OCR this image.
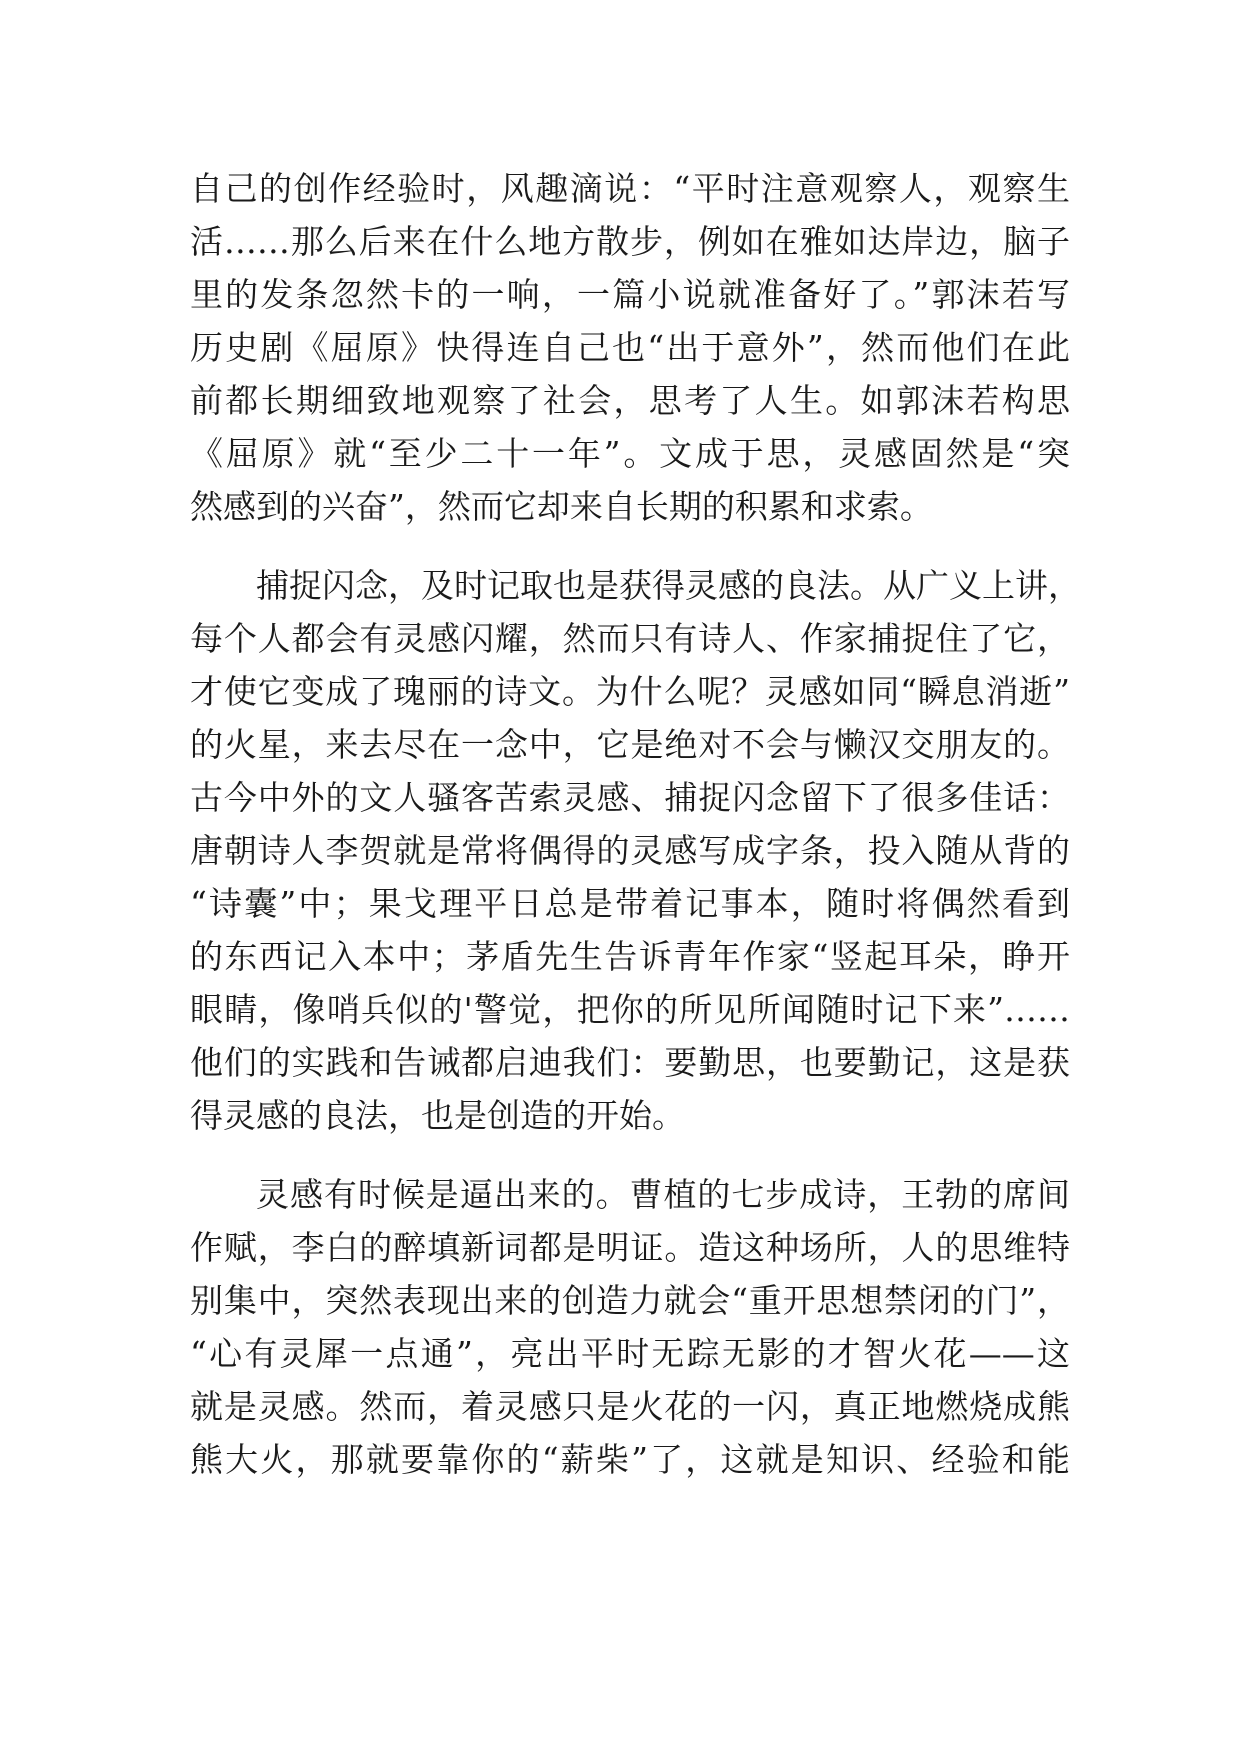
自己的创作经验时，风趣滴说：“平时注意观察人，观察生
活……那么后来在什么地方散步，例如在雅如达岸边，脑子
里的发条忽然卡的一响，一篇小说就准备好了。”郭沫若写
历史剧《屈原》快得连自己也“出于意外”，然而他们在此
前都长期细致地观察了社会，思考了人生。如郭沫若构思
《屈原》就“至少二十一年”。文成于思，灵感固然是“突
然感到的兴奋”，然而它却来自长期的积累和求索。
捕捉闪念，及时记取也是获得灵感的良法。从广义上讲，
每个人都会有灵感闪耀，然而只有诗人、作家捕捉住了它，
才使它变成了瑰丽的诗文。为什么呢？灵感如同“瞬息消逝”
的火星，来去尽在一念中，它是绝对不会与懒汉交朋友的。
古今中外的文人骚客苦索灵感、捕捉闪念留下了很多佳话：
唐朝诗人李贺就是常将偶得的灵感写成字条，投入随从背的
“诗囊”中；果戈理平日总是带着记事本，随时将偶然看到
的东西记入本中；茅盾先生告诉青年作家“竖起耳朵，睁开
眼睛，像哨兵似的'警觉，把你的所见所闻随时记下来”……
他们的实践和告诫都启迪我们：要勤思，也要勤记，这是获
得灵感的良法，也是创造的开始。
灵感有时候是逼出来的。曹植的七步成诗，王勃的席间
作赋，李白的醉填新词都是明证。造这种场所，人的思维特
别集中，突然表现出来的创造力就会“重开思想禁闭的门”，
“心有灵犀一点通”，亮出平时无踪无影的才智火花——这
就是灵感。然而，着灵感只是火花的一闪，真正地燃烧成熊
熊大火，那就要靠你的“薪柴”了，这就是知识、经验和能
